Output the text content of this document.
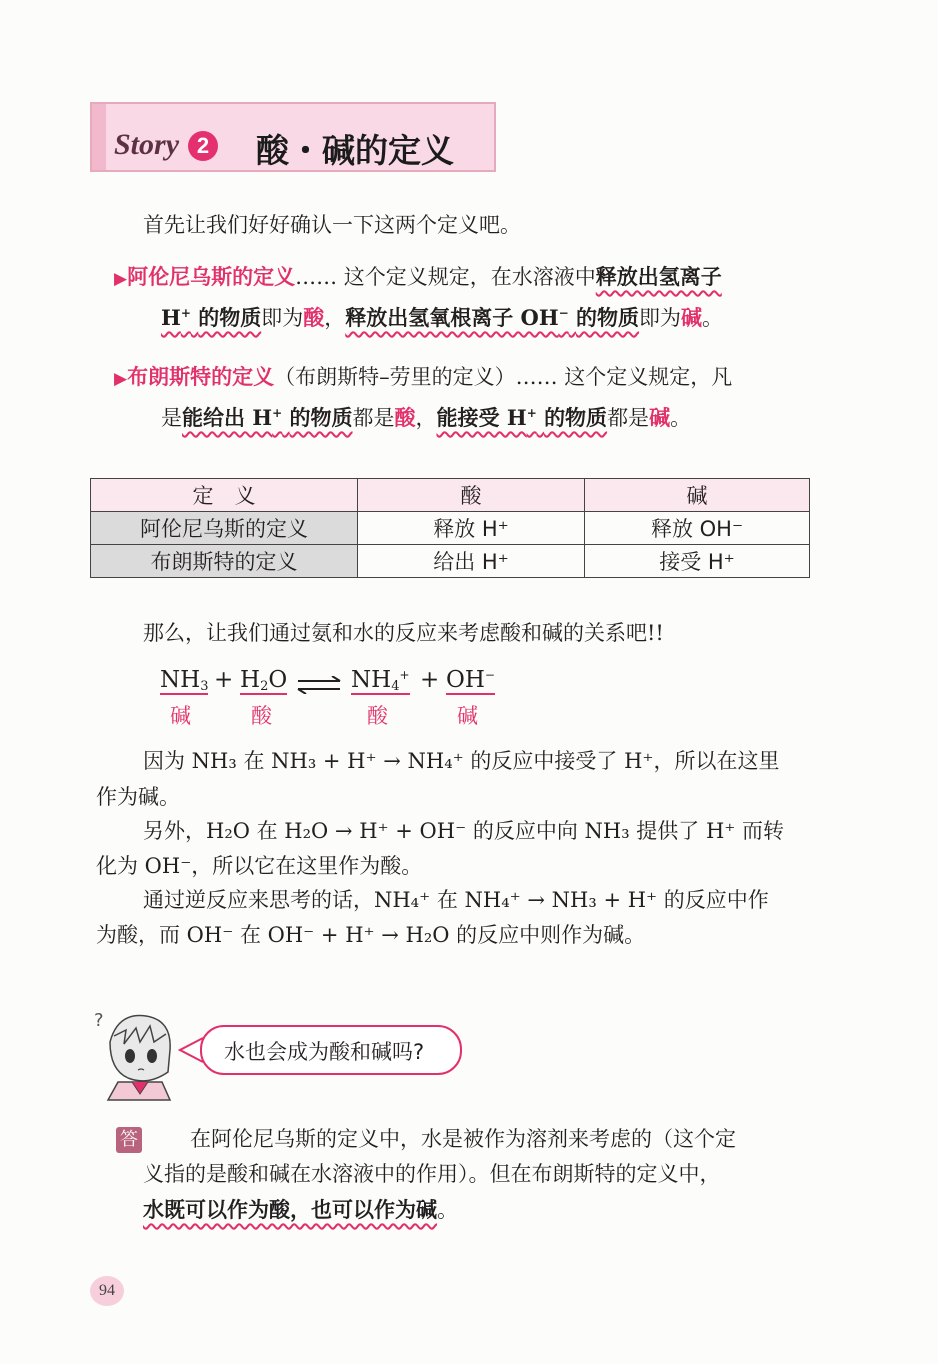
Story 2 酸・碱的定义
首先让我们好好确认一下这两个定义吧。
▶阿伦尼乌斯的定义…… 这个定义规定，在水溶液中释放出氢离子
H+ 的物质即为酸，释放出氢氧根离子 OH− 的物质即为碱。
▶布朗斯特的定义（布朗斯特–劳里的定义）…… 这个定义规定，凡
是能给出 H+ 的物质都是酸，能接受 H+ 的物质都是碱。
定　义	酸	碱
阿伦尼乌斯的定义	释放 H⁺	释放 OH⁻
布朗斯特的定义	给出 H⁺	接受 H⁺
那么，让我们通过氨和水的反应来考虑酸和碱的关系吧!!
$NH_3 + H_2O$ ⇌ $NH_4^+ + OH^-$
碱	酸	酸	碱
因为 NH₃ 在 NH₃ + H⁺ → NH₄⁺ 的反应中接受了 H⁺，所以在这里
作为碱。
另外，H₂O 在 H₂O → H⁺ + OH⁻ 的反应中向 NH₃ 提供了 H⁺ 而转
化为 OH⁻，所以它在这里作为酸。
通过逆反应来思考的话，NH₄⁺ 在 NH₄⁺ → NH₃ + H⁺ 的反应中作
为酸，而 OH⁻ 在 OH⁻ + H⁺ → H₂O 的反应中则作为碱。
?
水也会成为酸和碱吗?
答 在阿伦尼乌斯的定义中，水是被作为溶剂来考虑的（这个定
义指的是酸和碱在水溶液中的作用）。但在布朗斯特的定义中，
水既可以作为酸，也可以作为碱。
94
